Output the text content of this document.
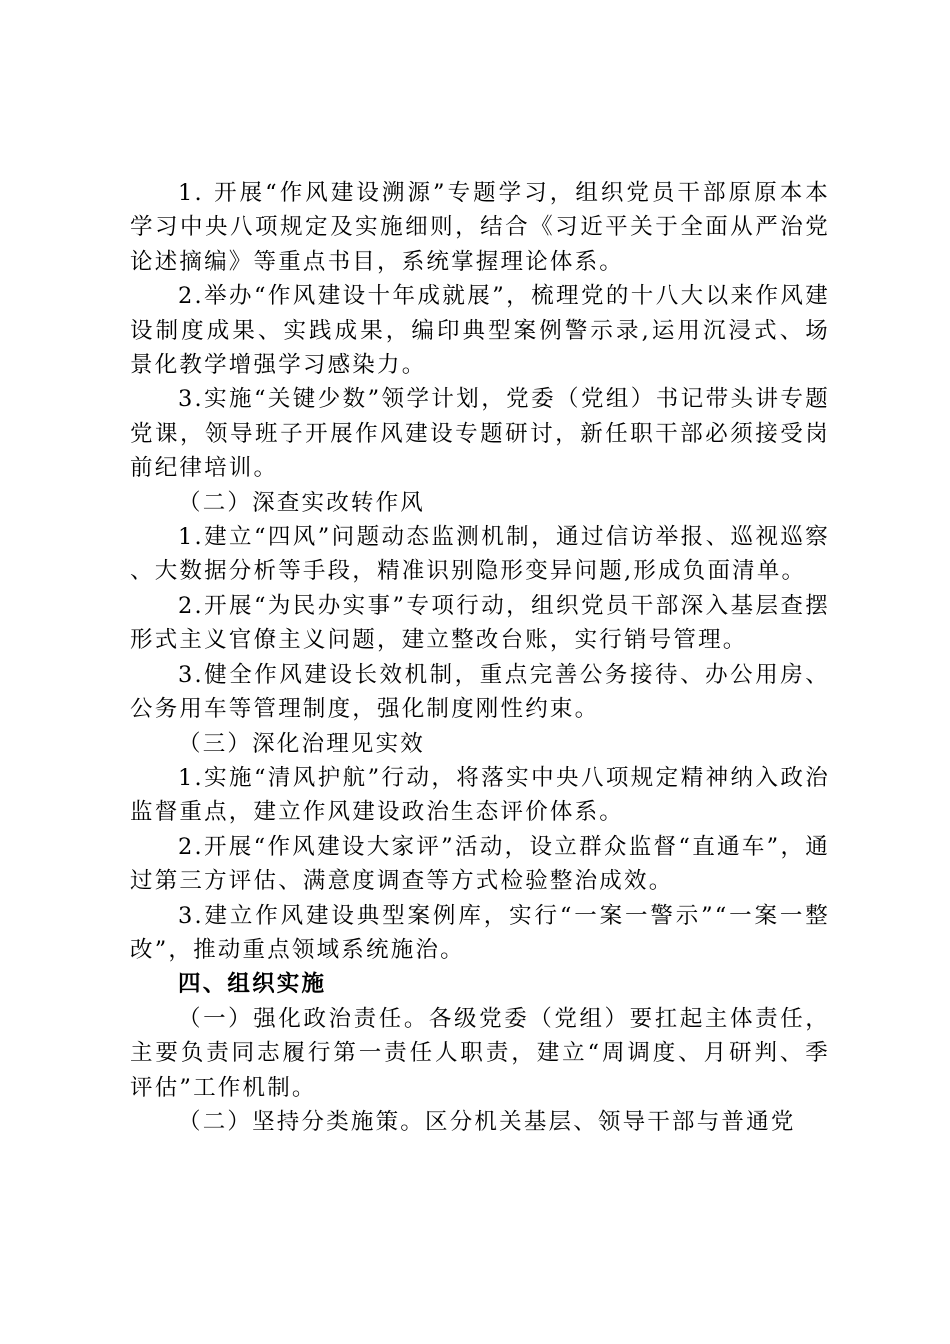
1. 开展“作风建设溯源”专题学习，组织党员干部原原本本学习中央八项规定及实施细则，结合《习近平关于全面从严治党论述摘编》等重点书目，系统掌握理论体系。

2.举办“作风建设十年成就展”，梳理党的十八大以来作风建设制度成果、实践成果，编印典型案例警示录,运用沉浸式、场景化教学增强学习感染力。

3.实施“关键少数”领学计划，党委（党组）书记带头讲专题党课，领导班子开展作风建设专题研讨，新任职干部必须接受岗前纪律培训。

（二）深查实改转作风

1.建立“四风”问题动态监测机制，通过信访举报、巡视巡察、大数据分析等手段，精准识别隐形变异问题,形成负面清单。

2.开展“为民办实事”专项行动，组织党员干部深入基层查摆形式主义官僚主义问题，建立整改台账，实行销号管理。

3.健全作风建设长效机制，重点完善公务接待、办公用房、公务用车等管理制度，强化制度刚性约束。

（三）深化治理见实效

1.实施“清风护航”行动，将落实中央八项规定精神纳入政治监督重点，建立作风建设政治生态评价体系。

2.开展“作风建设大家评”活动，设立群众监督“直通车”，通过第三方评估、满意度调查等方式检验整治成效。

3.建立作风建设典型案例库，实行“一案一警示”“一案一整改”，推动重点领域系统施治。

四、组织实施

（一）强化政治责任。各级党委（党组）要扛起主体责任，主要负责同志履行第一责任人职责，建立“周调度、月研判、季评估”工作机制。

（二）坚持分类施策。区分机关基层、领导干部与普通党
